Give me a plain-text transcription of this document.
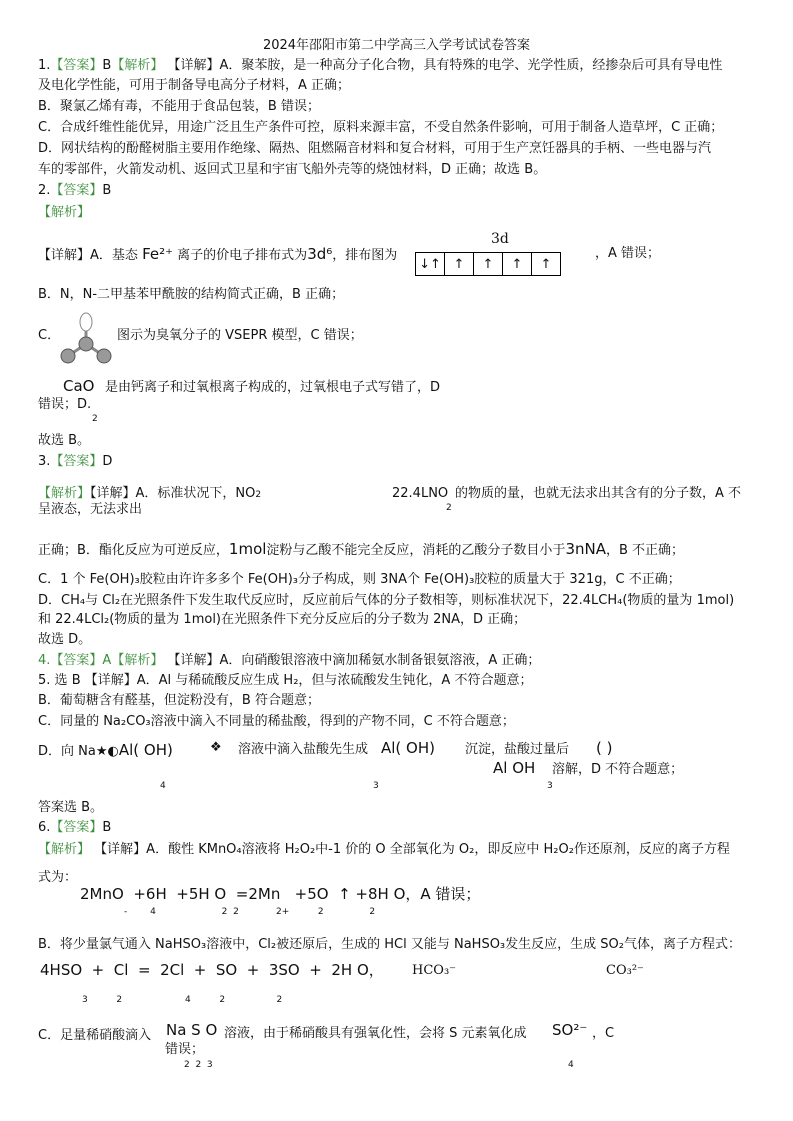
2024年邵阳市第二中学高三入学考试试卷答案
1.【答案】B【解析】 【详解】A．聚苯胺，是一种高分子化合物，具有特殊的电学、光学性质，经掺杂后可具有导电性
及电化学性能，可用于制备导电高分子材料，A 正确；
B．聚氯乙烯有毒，不能用于食品包装，B 错误；
C．合成纤维性能优异，用途广泛且生产条件可控，原料来源丰富，不受自然条件影响，可用于制备人造草坪，C 正确；
D．网状结构的酚醛树脂主要用作绝缘、隔热、阻燃隔音材料和复合材料，可用于生产烹饪器具的手柄、一些电器与汽
车的零部件，火箭发动机、返回式卫星和宇宙飞船外壳等的烧蚀材料，D 正确；故选 B。
2.【答案】B
【解析】
【详解】A．基态 Fe²⁺ 离子的价电子排布式为3d⁶，排布图为
3d
↓↑ ↑	↑	↑	↑
，A 错误；
B．N，N-二甲基苯甲酰胺的结构简式正确，B 正确；
C．	图示为臭氧分子的 VSEPR 模型，C 错误；
CaO 是由钙离子和过氧根离子构成的，过氧根电子式写错了，D
错误；D.
2
故选 B。
3.【答案】D
【解析】【详解】A．标准状况下，NO2	22.4LNO 的物质的量，也就无法求出其含有的分子数，A 不
2
呈液态，无法求出
正确；B．酯化反应为可逆反应，1mol淀粉与乙酸不能完全反应，消耗的乙酸分子数目小于3nNA，B 不正确；
C．1 个 Fe(OH)₃胶粒由许许多多个 Fe(OH)₃分子构成，则 3NA个 Fe(OH)₃胶粒的质量大于 321g，C 不正确；
D．CH₄与 Cl₂在光照条件下发生取代反应时，反应前后气体的分子数相等，则标准状况下，22.4LCH₄(物质的量为 1mol)
和 22.4LCl₂(物质的量为 1mol)在光照条件下充分反应后的分子数为 2NA，D 正确；
故选 D。
4.【答案】A【解析】 【详解】A．向硝酸银溶液中滴加稀氨水制备银氨溶液，A 正确；
5. 选 B 【详解】A．Al 与稀硫酸反应生成 H₂，但与浓硫酸发生钝化，A 不符合题意；
B．葡萄糖含有醛基，但淀粉没有，B 符合题意；
C．同量的 Na₂CO₃溶液中滴入不同量的稀盐酸，得到的产物不同，C 不符合题意；
D．向 Na★◐Al( OH)	❖ 溶液中滴入盐酸先生成 Al( OH) 沉淀，盐酸过量后 ( )
Al OH 溶解，D 不符合题意；
4	3	3
答案选 B。
6.【答案】B
【解析】 【详解】A．酸性 KMnO₄溶液将 H₂O₂中-1 价的 O 全部氧化为 O₂，即反应中 H₂O₂作还原剂，反应的离子方程
式为：
2MnO  +6H  +5H O  =2Mn   +5O  ↑ +8H O，A 错误；
-        4                       2  2             2+          2                2
B．将少量氯气通入 NaHSO₃溶液中，Cl₂被还原后，生成的 HCl 又能与 NaHSO₃发生反应，生成 SO₂气体，离子方程式：
4HSO  +  Cl  =  2Cl  +  SO  +  3SO  +  2H O， HCO₃⁻	CO₃²⁻
3          2                      4          2                  2
C．足量稀硝酸滴入 Na S O 溶液，由于稀硝酸具有强氧化性，会将 S 元素氧化成 SO²⁻ ，C
错误；
2  2  3	4
